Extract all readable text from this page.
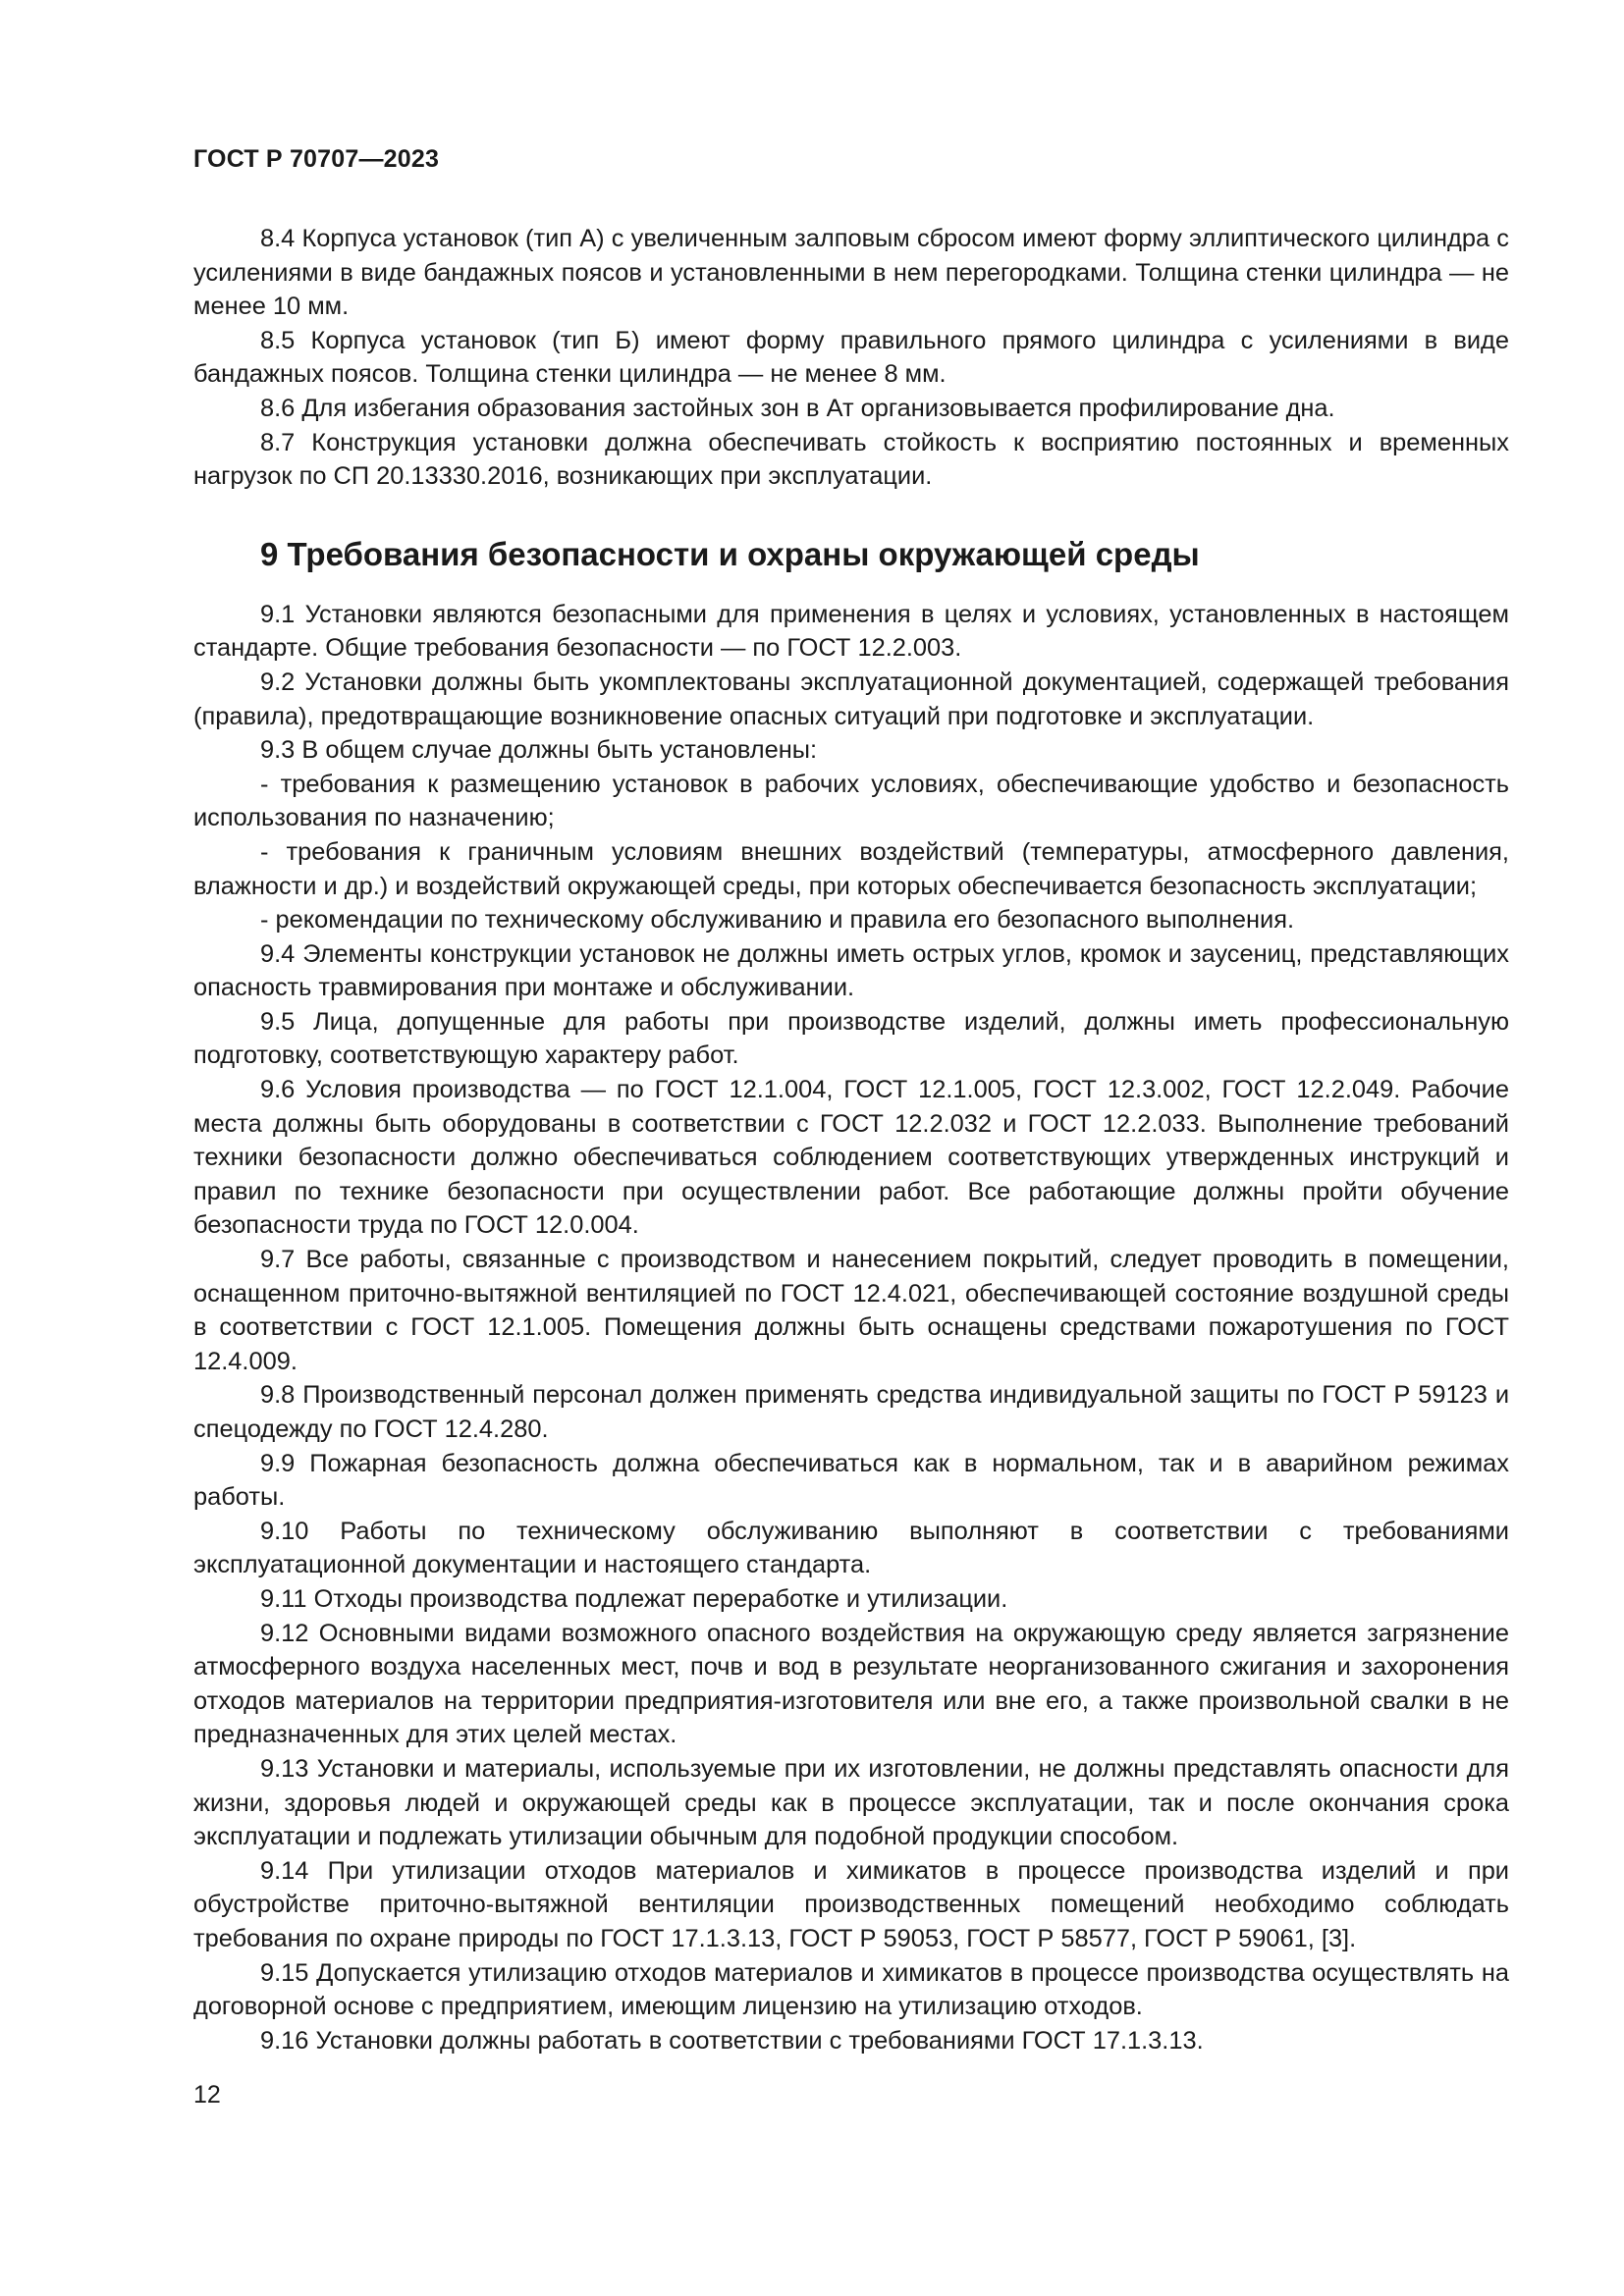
ГОСТ Р 70707—2023

8.4 Корпуса установок (тип А) с увеличенным залповым сбросом имеют форму эллиптического цилиндра с усилениями в виде бандажных поясов и установленными в нем перегородками. Толщина стенки цилиндра — не менее 10 мм.

8.5 Корпуса установок (тип Б) имеют форму правильного прямого цилиндра с усилениями в виде бандажных поясов. Толщина стенки цилиндра — не менее 8 мм.

8.6 Для избегания образования застойных зон в Ат организовывается профилирование дна.

8.7 Конструкция установки должна обеспечивать стойкость к восприятию постоянных и временных нагрузок по СП 20.13330.2016, возникающих при эксплуатации.

9 Требования безопасности и охраны окружающей среды

9.1 Установки являются безопасными для применения в целях и условиях, установленных в настоящем стандарте. Общие требования безопасности — по ГОСТ 12.2.003.

9.2 Установки должны быть укомплектованы эксплуатационной документацией, содержащей требования (правила), предотвращающие возникновение опасных ситуаций при подготовке и эксплуатации.

9.3 В общем случае должны быть установлены:

- требования к размещению установок в рабочих условиях, обеспечивающие удобство и безопасность использования по назначению;

- требования к граничным условиям внешних воздействий (температуры, атмосферного давления, влажности и др.) и воздействий окружающей среды, при которых обеспечивается безопасность эксплуатации;

- рекомендации по техническому обслуживанию и правила его безопасного выполнения.

9.4 Элементы конструкции установок не должны иметь острых углов, кромок и заусениц, представляющих опасность травмирования при монтаже и обслуживании.

9.5 Лица, допущенные для работы при производстве изделий, должны иметь профессиональную подготовку, соответствующую характеру работ.

9.6 Условия производства — по ГОСТ 12.1.004, ГОСТ 12.1.005, ГОСТ 12.3.002, ГОСТ 12.2.049. Рабочие места должны быть оборудованы в соответствии с ГОСТ 12.2.032 и ГОСТ 12.2.033. Выполнение требований техники безопасности должно обеспечиваться соблюдением соответствующих утвержденных инструкций и правил по технике безопасности при осуществлении работ. Все работающие должны пройти обучение безопасности труда по ГОСТ 12.0.004.

9.7 Все работы, связанные с производством и нанесением покрытий, следует проводить в помещении, оснащенном приточно-вытяжной вентиляцией по ГОСТ 12.4.021, обеспечивающей состояние воздушной среды в соответствии с ГОСТ 12.1.005. Помещения должны быть оснащены средствами пожаротушения по ГОСТ 12.4.009.

9.8 Производственный персонал должен применять средства индивидуальной защиты по ГОСТ Р 59123 и спецодежду по ГОСТ 12.4.280.

9.9 Пожарная безопасность должна обеспечиваться как в нормальном, так и в аварийном режимах работы.

9.10 Работы по техническому обслуживанию выполняют в соответствии с требованиями эксплуатационной документации и настоящего стандарта.

9.11 Отходы производства подлежат переработке и утилизации.

9.12 Основными видами возможного опасного воздействия на окружающую среду является загрязнение атмосферного воздуха населенных мест, почв и вод в результате неорганизованного сжигания и захоронения отходов материалов на территории предприятия-изготовителя или вне его, а также произвольной свалки в не предназначенных для этих целей местах.

9.13 Установки и материалы, используемые при их изготовлении, не должны представлять опасности для жизни, здоровья людей и окружающей среды как в процессе эксплуатации, так и после окончания срока эксплуатации и подлежать утилизации обычным для подобной продукции способом.

9.14 При утилизации отходов материалов и химикатов в процессе производства изделий и при обустройстве приточно-вытяжной вентиляции производственных помещений необходимо соблюдать требования по охране природы по ГОСТ 17.1.3.13, ГОСТ Р 59053, ГОСТ Р 58577, ГОСТ Р 59061, [3].

9.15 Допускается утилизацию отходов материалов и химикатов в процессе производства осуществлять на договорной основе с предприятием, имеющим лицензию на утилизацию отходов.

9.16 Установки должны работать в соответствии с требованиями ГОСТ 17.1.3.13.

12
